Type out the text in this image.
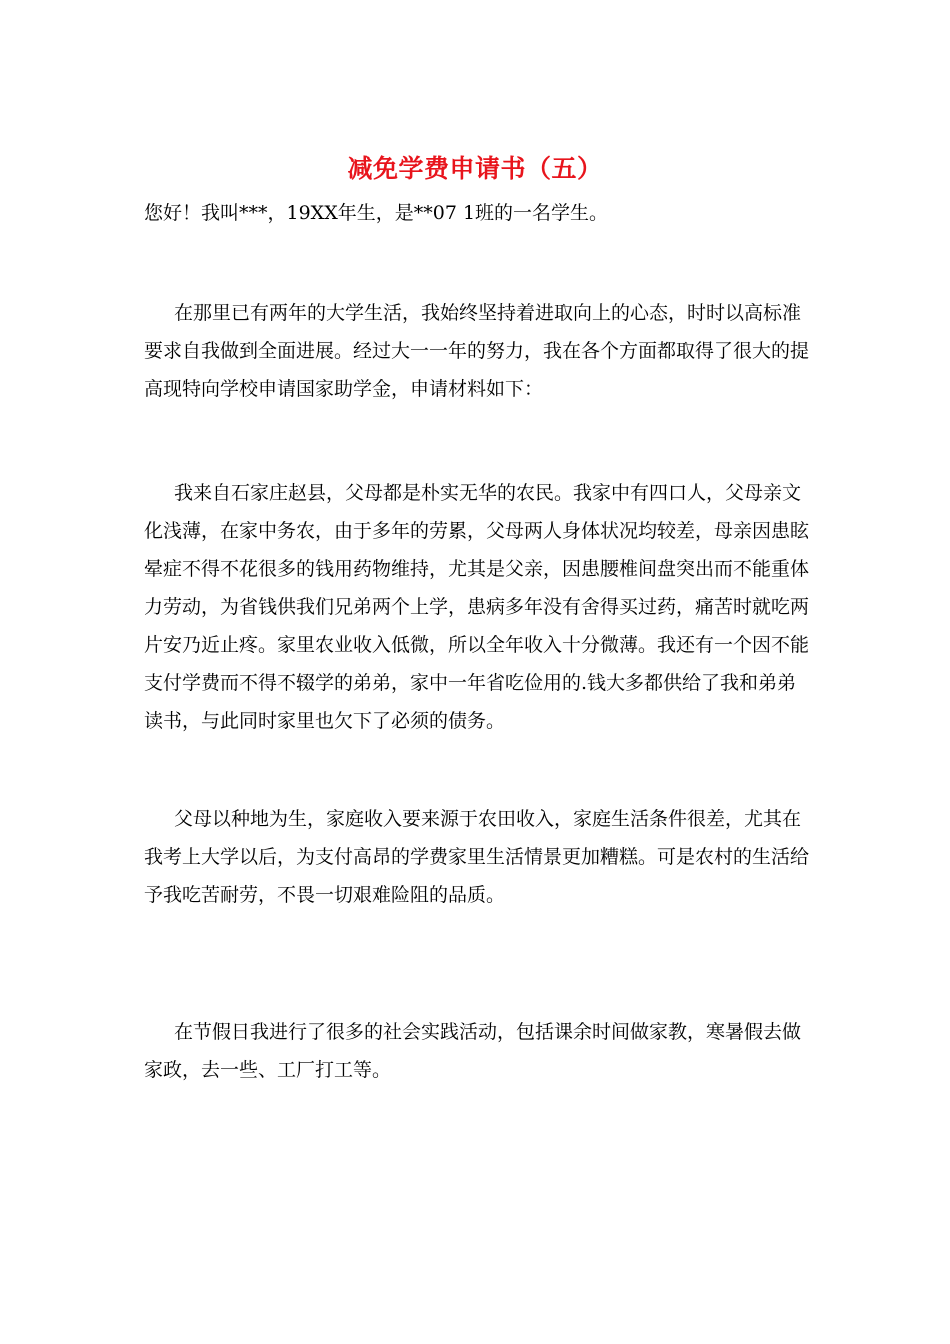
减免学费申请书（五）
您好！我叫***，19XX年生，是**07 1班的一名学生。

在那里已有两年的大学生活，我始终坚持着进取向上的心态，时时以高标准要求自我做到全面进展。经过大一一年的努力，我在各个方面都取得了很大的提高现特向学校申请国家助学金，申请材料如下：

我来自石家庄赵县，父母都是朴实无华的农民。我家中有四口人，父母亲文化浅薄，在家中务农，由于多年的劳累，父母两人身体状况均较差，母亲因患眩晕症不得不花很多的钱用药物维持，尤其是父亲，因患腰椎间盘突出而不能重体力劳动，为省钱供我们兄弟两个上学，患病多年没有舍得买过药，痛苦时就吃两片安乃近止疼。家里农业收入低微，所以全年收入十分微薄。我还有一个因不能支付学费而不得不辍学的弟弟，家中一年省吃俭用的.钱大多都供给了我和弟弟读书，与此同时家里也欠下了必须的债务。

父母以种地为生，家庭收入要来源于农田收入，家庭生活条件很差，尤其在我考上大学以后，为支付高昂的学费家里生活情景更加糟糕。可是农村的生活给予我吃苦耐劳，不畏一切艰难险阻的品质。

在节假日我进行了很多的社会实践活动，包括课余时间做家教，寒暑假去做家政，去一些、工厂打工等。
